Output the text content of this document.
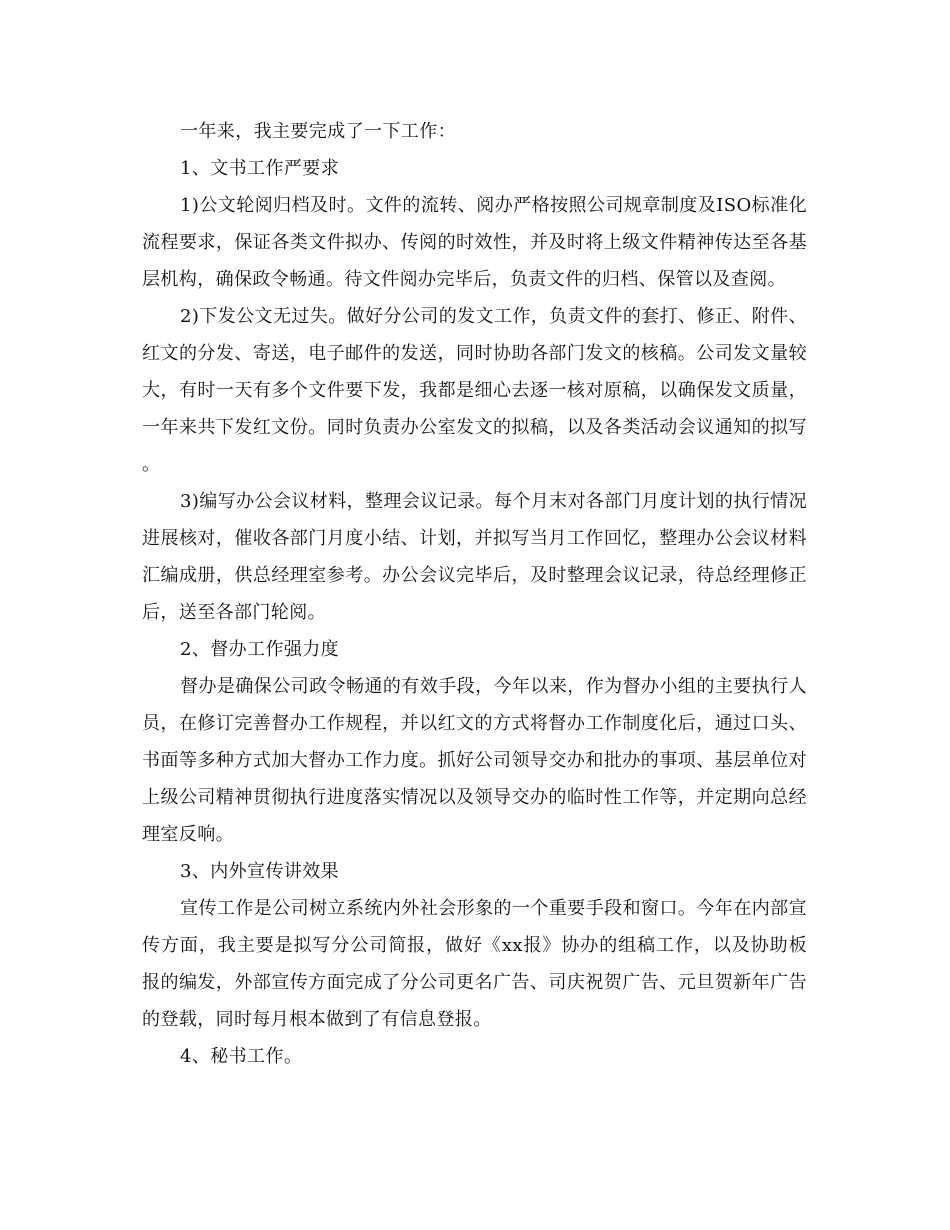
一年来，我主要完成了一下工作：

1、文书工作严要求

1)公文轮阅归档及时。文件的流转、阅办严格按照公司规章制度及ISO标准化流程要求，保证各类文件拟办、传阅的时效性，并及时将上级文件精神传达至各基层机构，确保政令畅通。待文件阅办完毕后，负责文件的归档、保管以及查阅。

2)下发公文无过失。做好分公司的发文工作，负责文件的套打、修正、附件、红文的分发、寄送，电子邮件的发送，同时协助各部门发文的核稿。公司发文量较大，有时一天有多个文件要下发，我都是细心去逐一核对原稿，以确保发文质量，一年来共下发红文份。同时负责办公室发文的拟稿，以及各类活动会议通知的拟写。

3)编写办公会议材料，整理会议记录。每个月末对各部门月度计划的执行情况进展核对，催收各部门月度小结、计划，并拟写当月工作回忆，整理办公会议材料汇编成册，供总经理室参考。办公会议完毕后，及时整理会议记录，待总经理修正后，送至各部门轮阅。

2、督办工作强力度

督办是确保公司政令畅通的有效手段，今年以来，作为督办小组的主要执行人员，在修订完善督办工作规程，并以红文的方式将督办工作制度化后，通过口头、书面等多种方式加大督办工作力度。抓好公司领导交办和批办的事项、基层单位对上级公司精神贯彻执行进度落实情况以及领导交办的临时性工作等，并定期向总经理室反响。

3、内外宣传讲效果

宣传工作是公司树立系统内外社会形象的一个重要手段和窗口。今年在内部宣传方面，我主要是拟写分公司简报，做好《xx报》协办的组稿工作，以及协助板报的编发，外部宣传方面完成了分公司更名广告、司庆祝贺广告、元旦贺新年广告的登载，同时每月根本做到了有信息登报。

4、秘书工作。
